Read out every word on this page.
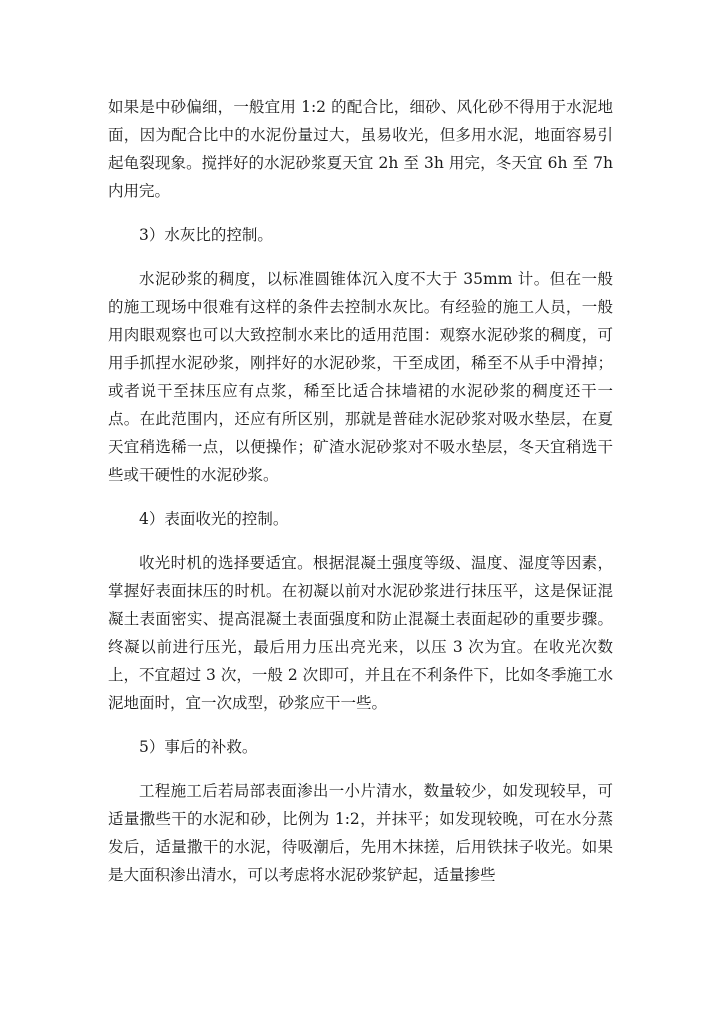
如果是中砂偏细，一般宜用 1:2 的配合比，细砂、风化砂不得用于水泥地面，因为配合比中的水泥份量过大，虽易收光，但多用水泥，地面容易引起龟裂现象。搅拌好的水泥砂浆夏天宜 2h 至 3h 用完，冬天宜 6h 至 7h 内用完。

3）水灰比的控制。

水泥砂浆的稠度，以标准圆锥体沉入度不大于 35mm 计。但在一般的施工现场中很难有这样的条件去控制水灰比。有经验的施工人员，一般用肉眼观察也可以大致控制水来比的适用范围：观察水泥砂浆的稠度，可用手抓捏水泥砂浆，刚拌好的水泥砂浆，干至成团，稀至不从手中滑掉；或者说干至抹压应有点浆，稀至比适合抹墙裙的水泥砂浆的稠度还干一点。在此范围内，还应有所区别，那就是普硅水泥砂浆对吸水垫层，在夏天宜稍选稀一点，以便操作；矿渣水泥砂浆对不吸水垫层，冬天宜稍选干些或干硬性的水泥砂浆。

4）表面收光的控制。

收光时机的选择要适宜。根据混凝土强度等级、温度、湿度等因素，掌握好表面抹压的时机。在初凝以前对水泥砂浆进行抹压平，这是保证混凝土表面密实、提高混凝土表面强度和防止混凝土表面起砂的重要步骤。终凝以前进行压光，最后用力压出亮光来，以压 3 次为宜。在收光次数上，不宜超过 3 次，一般 2 次即可，并且在不利条件下，比如冬季施工水泥地面时，宜一次成型，砂浆应干一些。

5）事后的补救。

工程施工后若局部表面渗出一小片清水，数量较少，如发现较早，可适量撒些干的水泥和砂，比例为 1:2，并抹平；如发现较晚，可在水分蒸发后，适量撒干的水泥，待吸潮后，先用木抹搓，后用铁抹子收光。如果是大面积渗出清水，可以考虑将水泥砂浆铲起，适量掺些
